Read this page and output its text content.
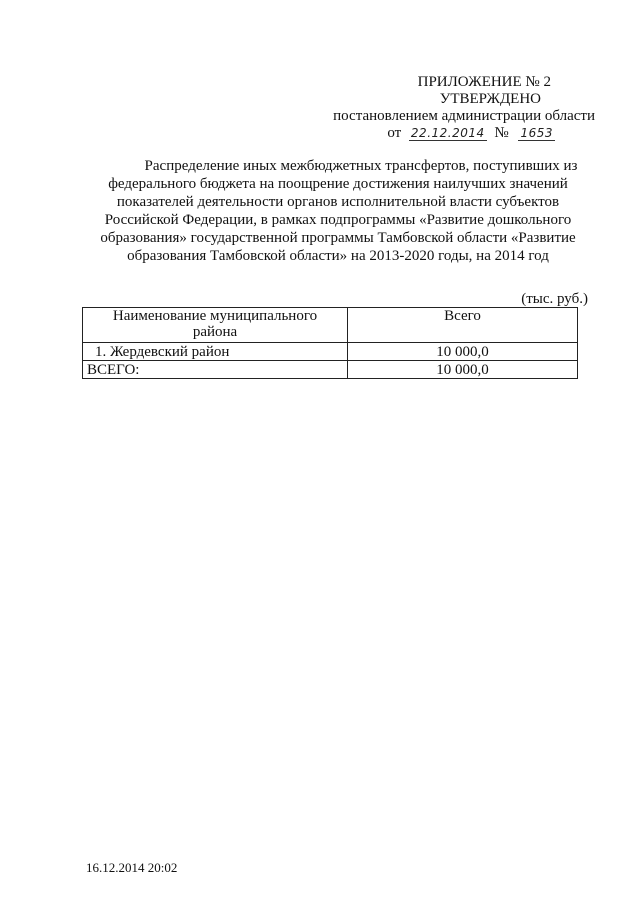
ПРИЛОЖЕНИЕ № 2
УТВЕРЖДЕНО
постановлением администрации области
от 22.12.2014 № 1653
Распределение иных межбюджетных трансфертов, поступивших из
федерального бюджета на поощрение достижения наилучших значений
показателей деятельности органов исполнительной власти субъектов
Российской Федерации, в рамках подпрограммы «Развитие дошкольного
образования» государственной программы Тамбовской области «Развитие
образования Тамбовской области» на 2013-2020 годы, на 2014 год
(тыс. руб.)
Наименование муниципального
района	Всего
1. Жердевский район	10 000,0
ВСЕГО:	10 000,0
16.12.2014 20:02
